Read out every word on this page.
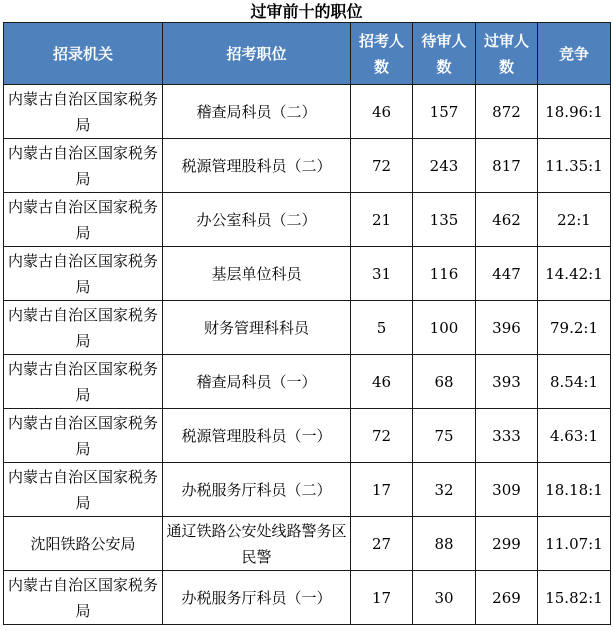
过审前十的职位
招录机关	招考职位	招考人数	待审人数	过审人数	竞争
内蒙古自治区国家税务局	稽查局科员（二）	46	157	872	18.96:1
内蒙古自治区国家税务局	税源管理股科员（二）	72	243	817	11.35:1
内蒙古自治区国家税务局	办公室科员（二）	21	135	462	22:1
内蒙古自治区国家税务局	基层单位科员	31	116	447	14.42:1
内蒙古自治区国家税务局	财务管理科科员	5	100	396	79.2:1
内蒙古自治区国家税务局	稽查局科员（一）	46	68	393	8.54:1
内蒙古自治区国家税务局	税源管理股科员（一）	72	75	333	4.63:1
内蒙古自治区国家税务局	办税服务厅科员（二）	17	32	309	18.18:1
沈阳铁路公安局	通辽铁路公安处线路警务区民警	27	88	299	11.07:1
内蒙古自治区国家税务局	办税服务厅科员（一）	17	30	269	15.82:1
